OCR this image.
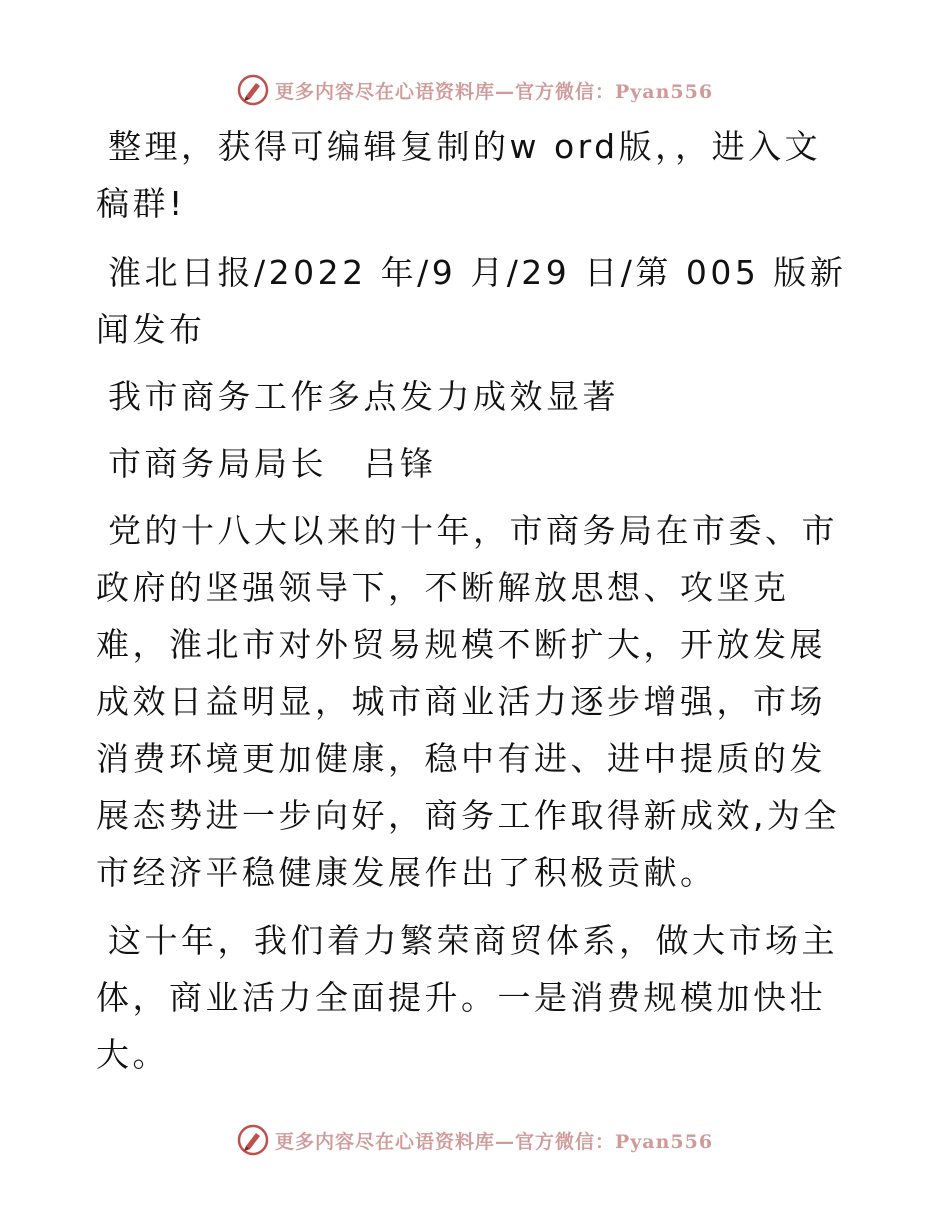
更多内容尽在心语资料库—官方微信：Pyan556

整理，获得可编辑复制的w ord版，，进入文稿群!

淮北日报/2022 年/9 月/29 日/第 005 版新闻发布

我市商务工作多点发力成效显著

市商务局局长　吕锋

党的十八大以来的十年，市商务局在市委、市政府的坚强领导下，不断解放思想、攻坚克难，淮北市对外贸易规模不断扩大，开放发展成效日益明显，城市商业活力逐步增强，市场消费环境更加健康，稳中有进、进中提质的发展态势进一步向好，商务工作取得新成效,为全市经济平稳健康发展作出了积极贡献。

这十年，我们着力繁荣商贸体系，做大市场主体，商业活力全面提升。一是消费规模加快壮大。

更多内容尽在心语资料库—官方微信：Pyan556
